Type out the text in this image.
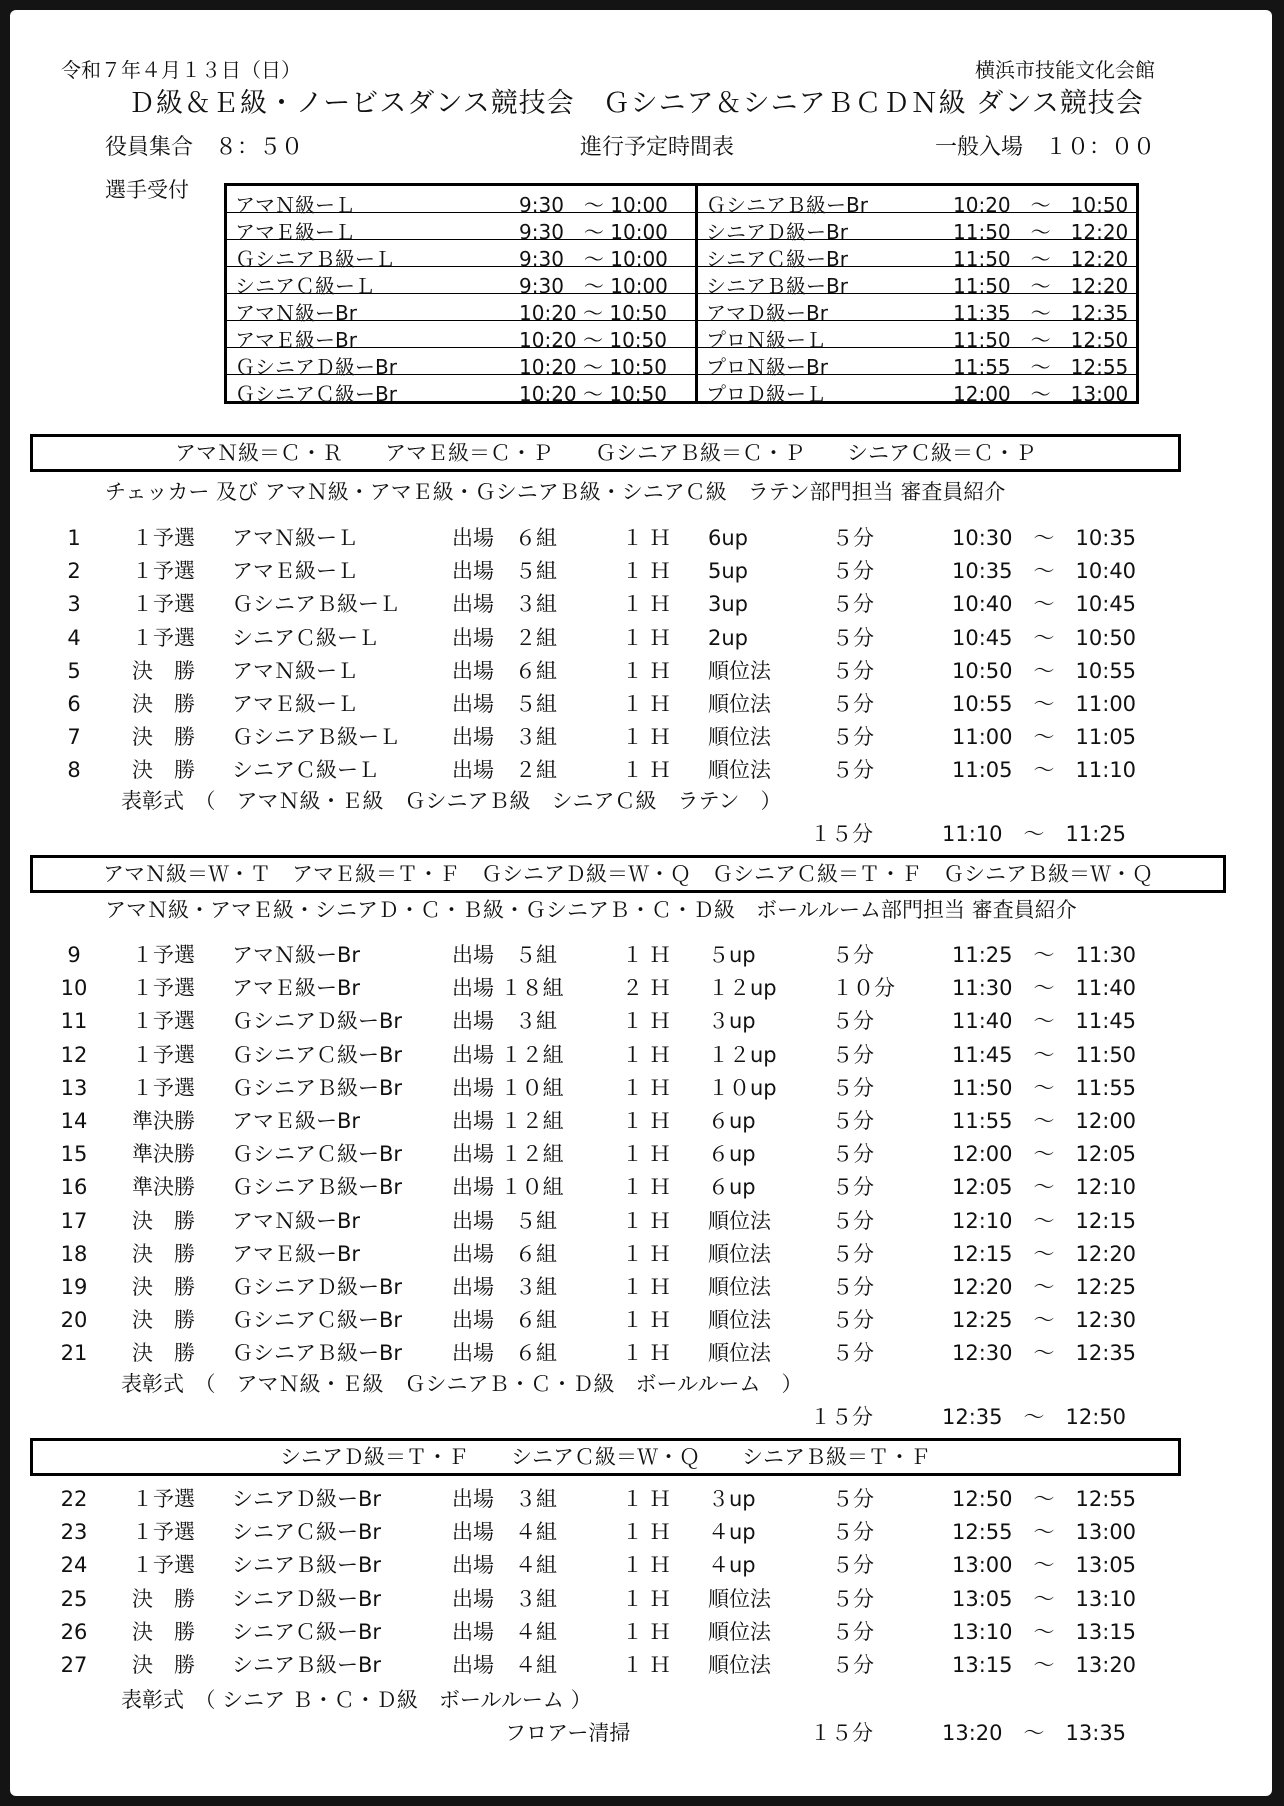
令和７年４月１３日（日）	横浜市技能文化会館
Ｄ級＆Ｅ級・ノービスダンス競技会　Ｇシニア＆シニアＢＣＤＮ級 ダンス競技会
役員集合　８：５０	進行予定時間表	一般入場　１０：００
選手受付
アマＮ級ーＬ 9:30　～ 10:00	ＧシニアＢ級ーBr 10:20　～　10:50

アマＥ級ーＬ 9:30　～ 10:00	シニアＤ級ーBr 11:50　～　12:20

ＧシニアＢ級ーＬ 9:30　～ 10:00	シニアＣ級ーBr 11:50　～　12:20

シニアＣ級ーＬ 9:30　～ 10:00	シニアＢ級ーBr 11:50　～　12:20

アマＮ級ーBr 10:20 ～ 10:50	アマＤ級ーBr 11:35　～　12:35

アマＥ級ーBr 10:20 ～ 10:50	プロＮ級ーＬ 11:50　～　12:50

ＧシニアＤ級ーBr 10:20 ～ 10:50	プロＮ級ーBr 11:55　～　12:55

ＧシニアＣ級ーBr 10:20 ～ 10:50	プロＤ級ーＬ 12:00　～　13:00
アマＮ級＝Ｃ・Ｒ　　アマＥ級＝Ｃ・Ｐ　　ＧシニアＢ級＝Ｃ・Ｐ　　シニアＣ級＝Ｃ・Ｐ
チェッカー 及び アマＮ級・アマＥ級・ＧシニアＢ級・シニアＣ級　ラテン部門担当 審査員紹介
1	１予選 アマＮ級ーＬ	出場　６組	１ Ｈ 6up	５分	10:30　～　10:35
2	１予選 アマＥ級ーＬ	出場　５組	１ Ｈ 5up	５分	10:35　～　10:40
3	１予選 ＧシニアＢ級ーＬ 出場　３組	１ Ｈ 3up	５分	10:40　～　10:45
4	１予選 シニアＣ級ーＬ	出場　２組	１ Ｈ 2up	５分	10:45　～　10:50
5	決　勝 アマＮ級ーＬ	出場　６組	１ Ｈ 順位法	５分	10:50　～　10:55
6	決　勝 アマＥ級ーＬ	出場　５組	１ Ｈ 順位法	５分	10:55　～　11:00
7	決　勝 ＧシニアＢ級ーＬ 出場　３組	１ Ｈ 順位法	５分	11:00　～　11:05
8	決　勝 シニアＣ級ーＬ	出場　２組	１ Ｈ 順位法	５分	11:05　～　11:10
表彰式　（　アマＮ級・Ｅ級　ＧシニアＢ級　シニアＣ級　ラテン　）
１５分	11:10　～　11:25
アマＮ級＝Ｗ・Ｔ　アマＥ級＝Ｔ・Ｆ　ＧシニアＤ級＝Ｗ・Ｑ　ＧシニアＣ級＝Ｔ・Ｆ　ＧシニアＢ級＝Ｗ・Ｑ
アマＮ級・アマＥ級・シニアＤ・Ｃ・Ｂ級・ＧシニアＢ・Ｃ・Ｄ級　ボールルーム部門担当 審査員紹介
9	１予選 アマＮ級ーBr	出場　５組	１ Ｈ ５up	５分	11:25　～　11:30
10	１予選 アマＥ級ーBr	出場 １８組	２ Ｈ １２up	１０分	11:30　～　11:40
11	１予選 ＧシニアＤ級ーBr 出場　３組	１ Ｈ ３up	５分	11:40　～　11:45
12	１予選 ＧシニアＣ級ーBr 出場 １２組	１ Ｈ １２up	５分	11:45　～　11:50
13	１予選 ＧシニアＢ級ーBr 出場 １０組	１ Ｈ １０up	５分	11:50　～　11:55
14	準決勝 アマＥ級ーBr	出場 １２組	１ Ｈ ６up	５分	11:55　～　12:00
15	準決勝 ＧシニアＣ級ーBr 出場 １２組	１ Ｈ ６up	５分	12:00　～　12:05
16	準決勝 ＧシニアＢ級ーBr 出場 １０組	１ Ｈ ６up	５分	12:05　～　12:10
17	決　勝 アマＮ級ーBr	出場　５組	１ Ｈ 順位法	５分	12:10　～　12:15
18	決　勝 アマＥ級ーBr	出場　６組	１ Ｈ 順位法	５分	12:15　～　12:20
19	決　勝 ＧシニアＤ級ーBr 出場　３組	１ Ｈ 順位法	５分	12:20　～　12:25
20	決　勝 ＧシニアＣ級ーBr 出場　６組	１ Ｈ 順位法	５分	12:25　～　12:30
21	決　勝 ＧシニアＢ級ーBr 出場　６組	１ Ｈ 順位法	５分	12:30　～　12:35
表彰式　（　アマＮ級・Ｅ級　ＧシニアＢ・Ｃ・Ｄ級　ボールルーム　）
１５分	12:35　～　12:50
シニアＤ級＝Ｔ・Ｆ　　シニアＣ級＝Ｗ・Ｑ　　シニアＢ級＝Ｔ・Ｆ
22	１予選 シニアＤ級ーBr	出場　３組	１ Ｈ ３up	５分	12:50　～　12:55
23	１予選 シニアＣ級ーBr	出場　４組	１ Ｈ ４up	５分	12:55　～　13:00
24	１予選 シニアＢ級ーBr	出場　４組	１ Ｈ ４up	５分	13:00　～　13:05
25	決　勝 シニアＤ級ーBr	出場　３組	１ Ｈ 順位法	５分	13:05　～　13:10
26	決　勝 シニアＣ級ーBr	出場　４組	１ Ｈ 順位法	５分	13:10　～　13:15
27	決　勝 シニアＢ級ーBr	出場　４組	１ Ｈ 順位法	５分	13:15　～　13:20
表彰式　（ シニア Ｂ・Ｃ・Ｄ級　ボールルーム ）
フロアー清掃	１５分	13:20　～　13:35
